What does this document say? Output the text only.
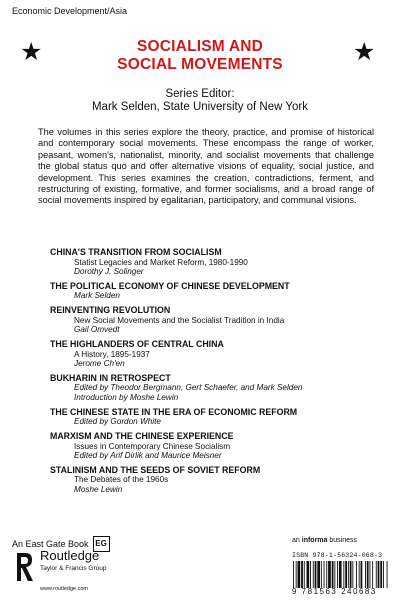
Economic Development/Asia
★	★
SOCIALISM AND
SOCIAL MOVEMENTS
Series Editor:
Mark Selden, State University of New York
The volumes in this series explore the theory, practice, and promise of historical and contemporary social movements. These encompass the range of worker, peasant, women's, nationalist, minority, and socialist movements that challenge the global status quo and offer alternative visions of equality, social justice, and development. This series examines the creation, contradictions, ferment, and restructuring of existing, formative, and former socialisms, and a broad range of social movements inspired by egalitarian, participatory, and communal visions.
CHINA'S TRANSITION FROM SOCIALISM
Statist Legacies and Market Reform, 1980-1990
Dorothy J. Solinger
THE POLITICAL ECONOMY OF CHINESE DEVELOPMENT
Mark Selden
REINVENTING REVOLUTION
New Social Movements and the Socialist Tradition in India
Gail Omvedt
THE HIGHLANDERS OF CENTRAL CHINA
A History, 1895-1937
Jerome Ch'en
BUKHARIN IN RETROSPECT
Edited by Theodor Bergmann, Gert Schaefer, and Mark Selden
Introduction by Moshe Lewin
THE CHINESE STATE IN THE ERA OF ECONOMIC REFORM
Edited by Gordon White
MARXISM AND THE CHINESE EXPERIENCE
Issues in Contemporary Chinese Socialism
Edited by Arif Dirlik and Maurice Meisner
STALINISM AND THE SEEDS OF SOVIET REFORM
The Debates of the 1960s
Moshe Lewin
An East Gate Book EG	an informa business
ISBN 978-1-56324-068-3
9 781563 240683
Routledge
Taylor & Francis Group
www.routledge.com
